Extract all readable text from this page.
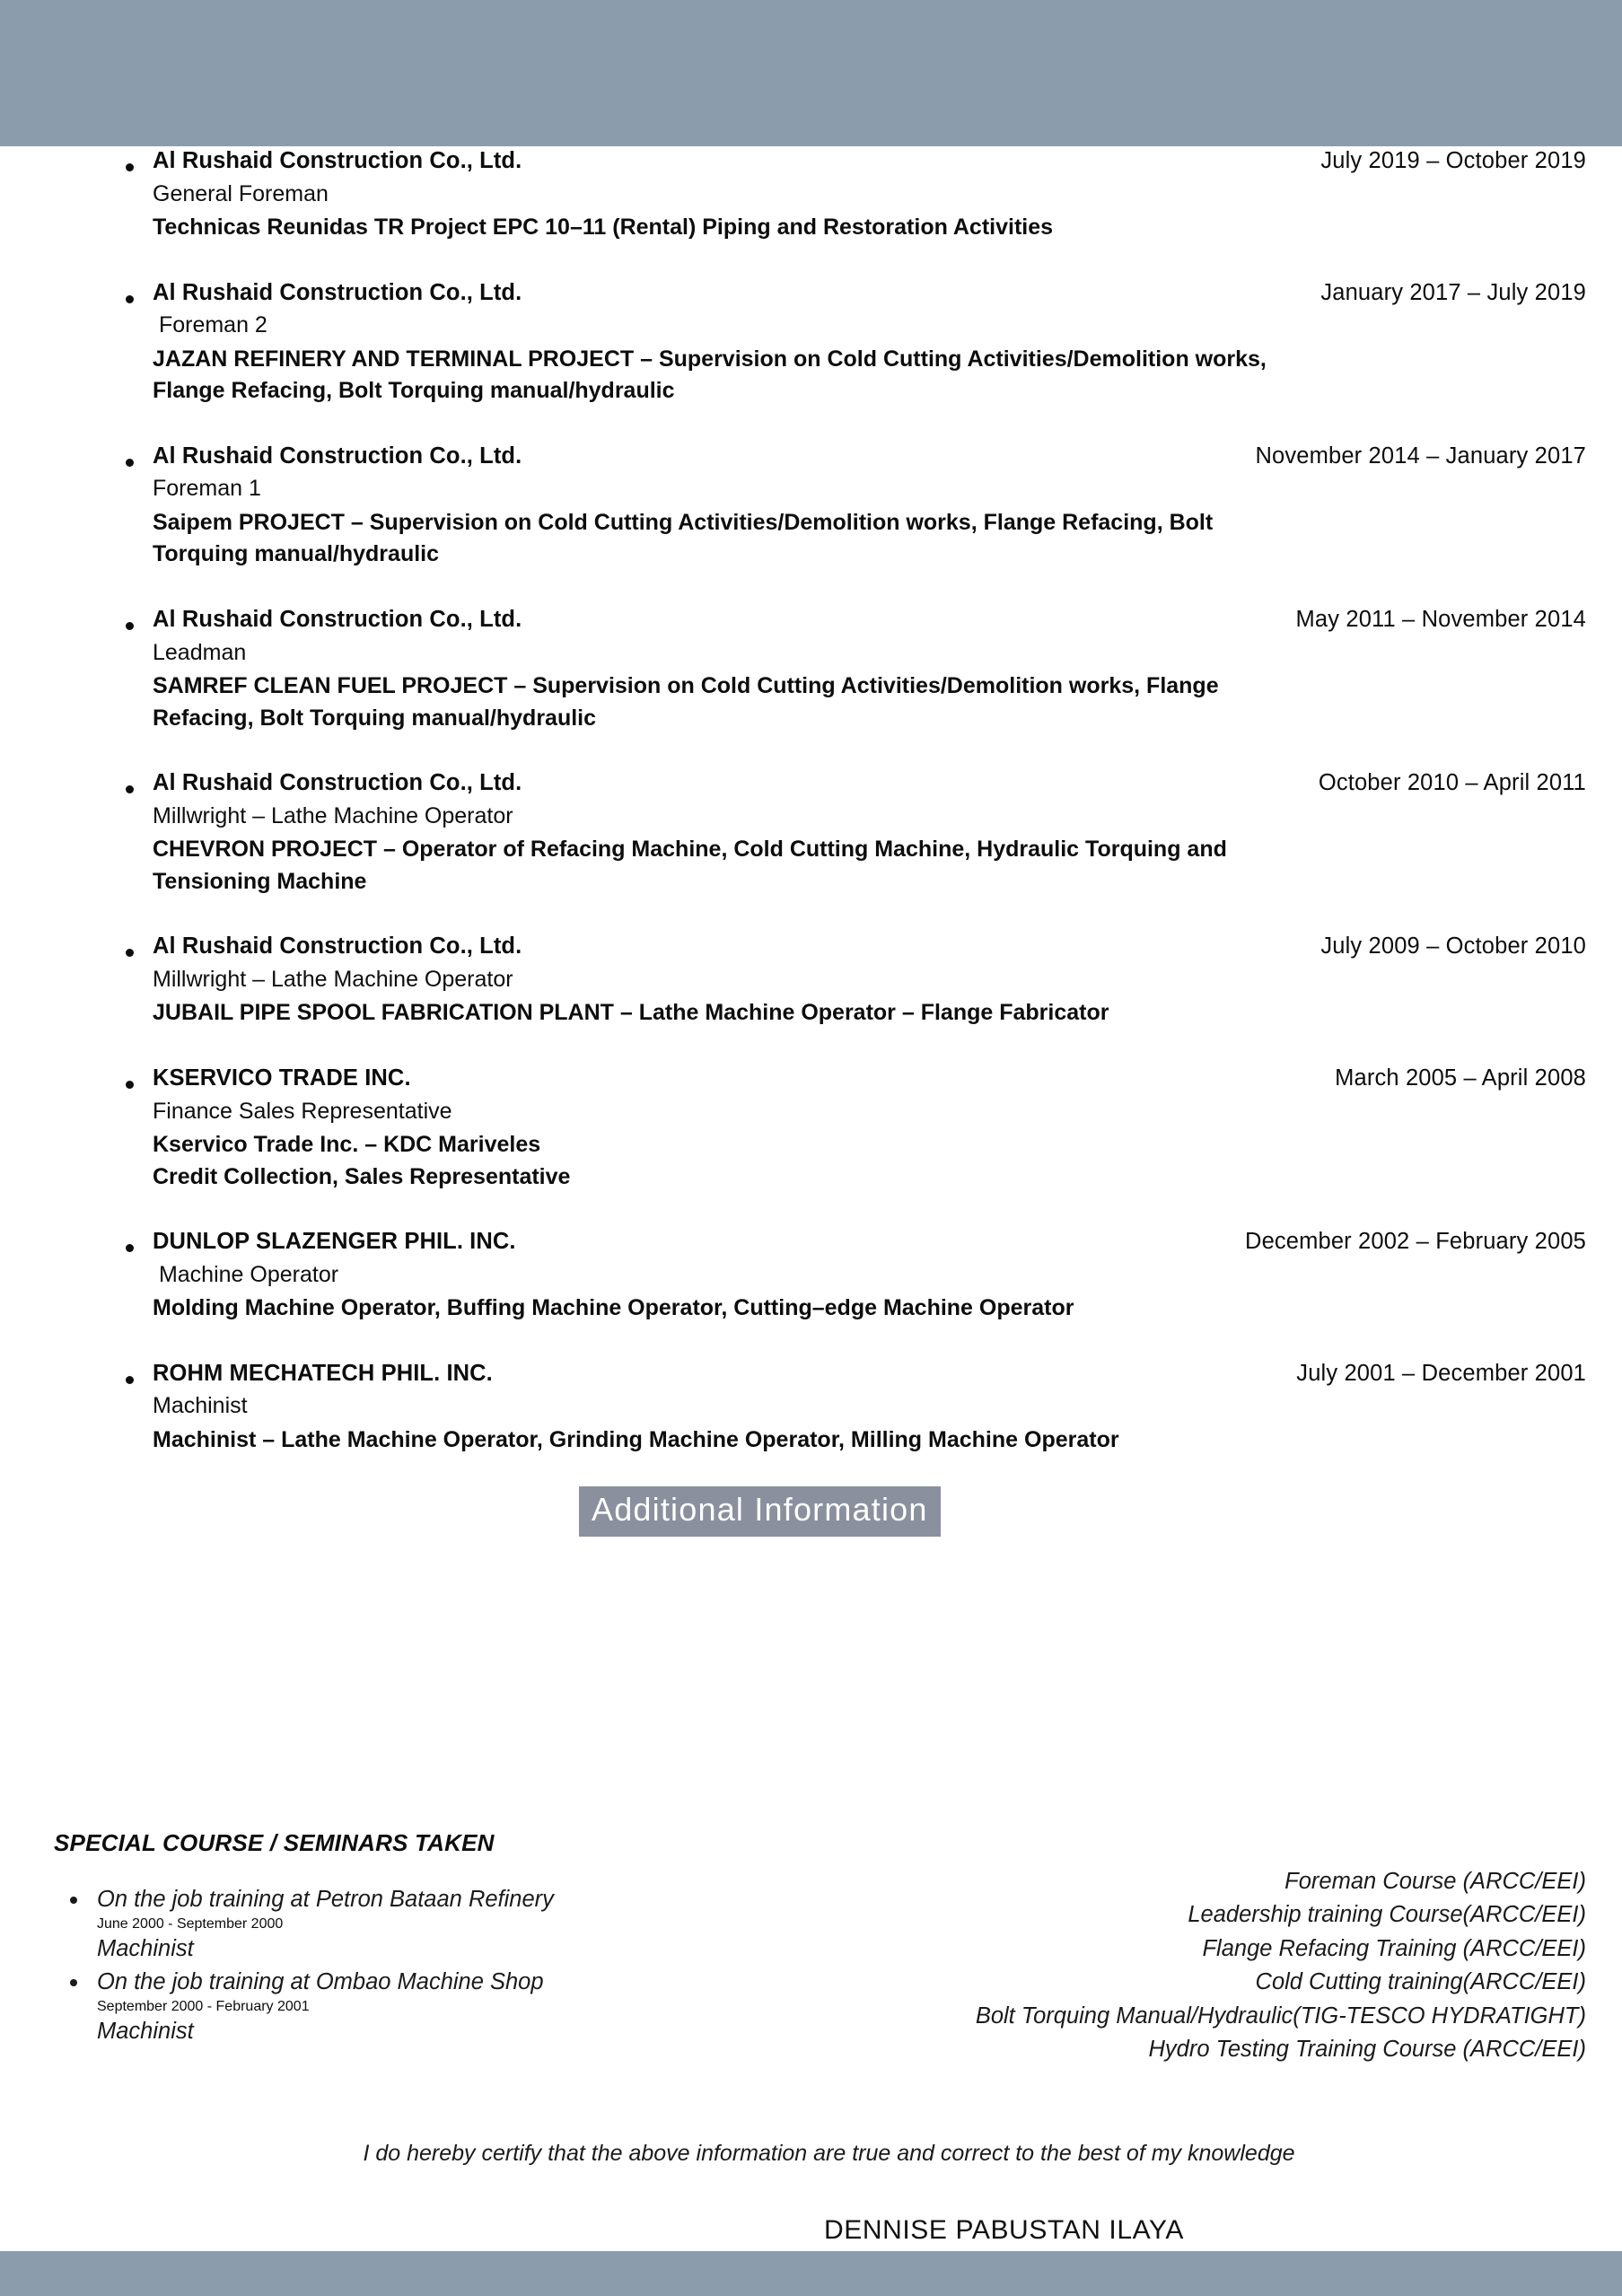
Al Rushaid Construction Co., Ltd.	July 2019 – October 2019
General Foreman
Technicas Reunidas TR Project EPC 10–11 (Rental) Piping and Restoration Activities
Al Rushaid Construction Co., Ltd.	January 2017 – July 2019
Foreman 2
JAZAN REFINERY AND TERMINAL PROJECT – Supervision on Cold Cutting Activities/Demolition works,
Flange Refacing, Bolt Torquing manual/hydraulic
Al Rushaid Construction Co., Ltd.	November 2014 – January 2017
Foreman 1
Saipem PROJECT – Supervision on Cold Cutting Activities/Demolition works, Flange Refacing, Bolt
Torquing manual/hydraulic
Al Rushaid Construction Co., Ltd.	May 2011 – November 2014
Leadman
SAMREF CLEAN FUEL PROJECT – Supervision on Cold Cutting Activities/Demolition works, Flange
Refacing, Bolt Torquing manual/hydraulic
Al Rushaid Construction Co., Ltd.	October 2010 – April 2011
Millwright – Lathe Machine Operator
CHEVRON PROJECT – Operator of Refacing Machine, Cold Cutting Machine, Hydraulic Torquing and
Tensioning Machine
Al Rushaid Construction Co., Ltd.	July 2009 – October 2010
Millwright – Lathe Machine Operator
JUBAIL PIPE SPOOL FABRICATION PLANT – Lathe Machine Operator – Flange Fabricator
KSERVICO TRADE INC.	March 2005 – April 2008
Finance Sales Representative
Kservico Trade Inc. – KDC Mariveles
Credit Collection, Sales Representative
DUNLOP SLAZENGER PHIL. INC.	December 2002 – February 2005
Machine Operator
Molding Machine Operator, Buffing Machine Operator, Cutting–edge Machine Operator
ROHM MECHATECH PHIL. INC.	July 2001 – December 2001
Machinist
Machinist – Lathe Machine Operator, Grinding Machine Operator, Milling Machine Operator
Additional Information
SPECIAL COURSE / SEMINARS TAKEN
On the job training at Petron Bataan Refinery
June 2000 - September 2000
Machinist
On the job training at Ombao Machine Shop
September 2000 - February 2001
Machinist
Foreman Course (ARCC/EEI)
Leadership training Course(ARCC/EEI)
Flange Refacing Training (ARCC/EEI)
Cold Cutting training(ARCC/EEI)
Bolt Torquing Manual/Hydraulic(TIG-TESCO HYDRATIGHT)
Hydro Testing Training Course (ARCC/EEI)
I do hereby certify that the above information are true and correct to the best of my knowledge
DENNISE PABUSTAN ILAYA
